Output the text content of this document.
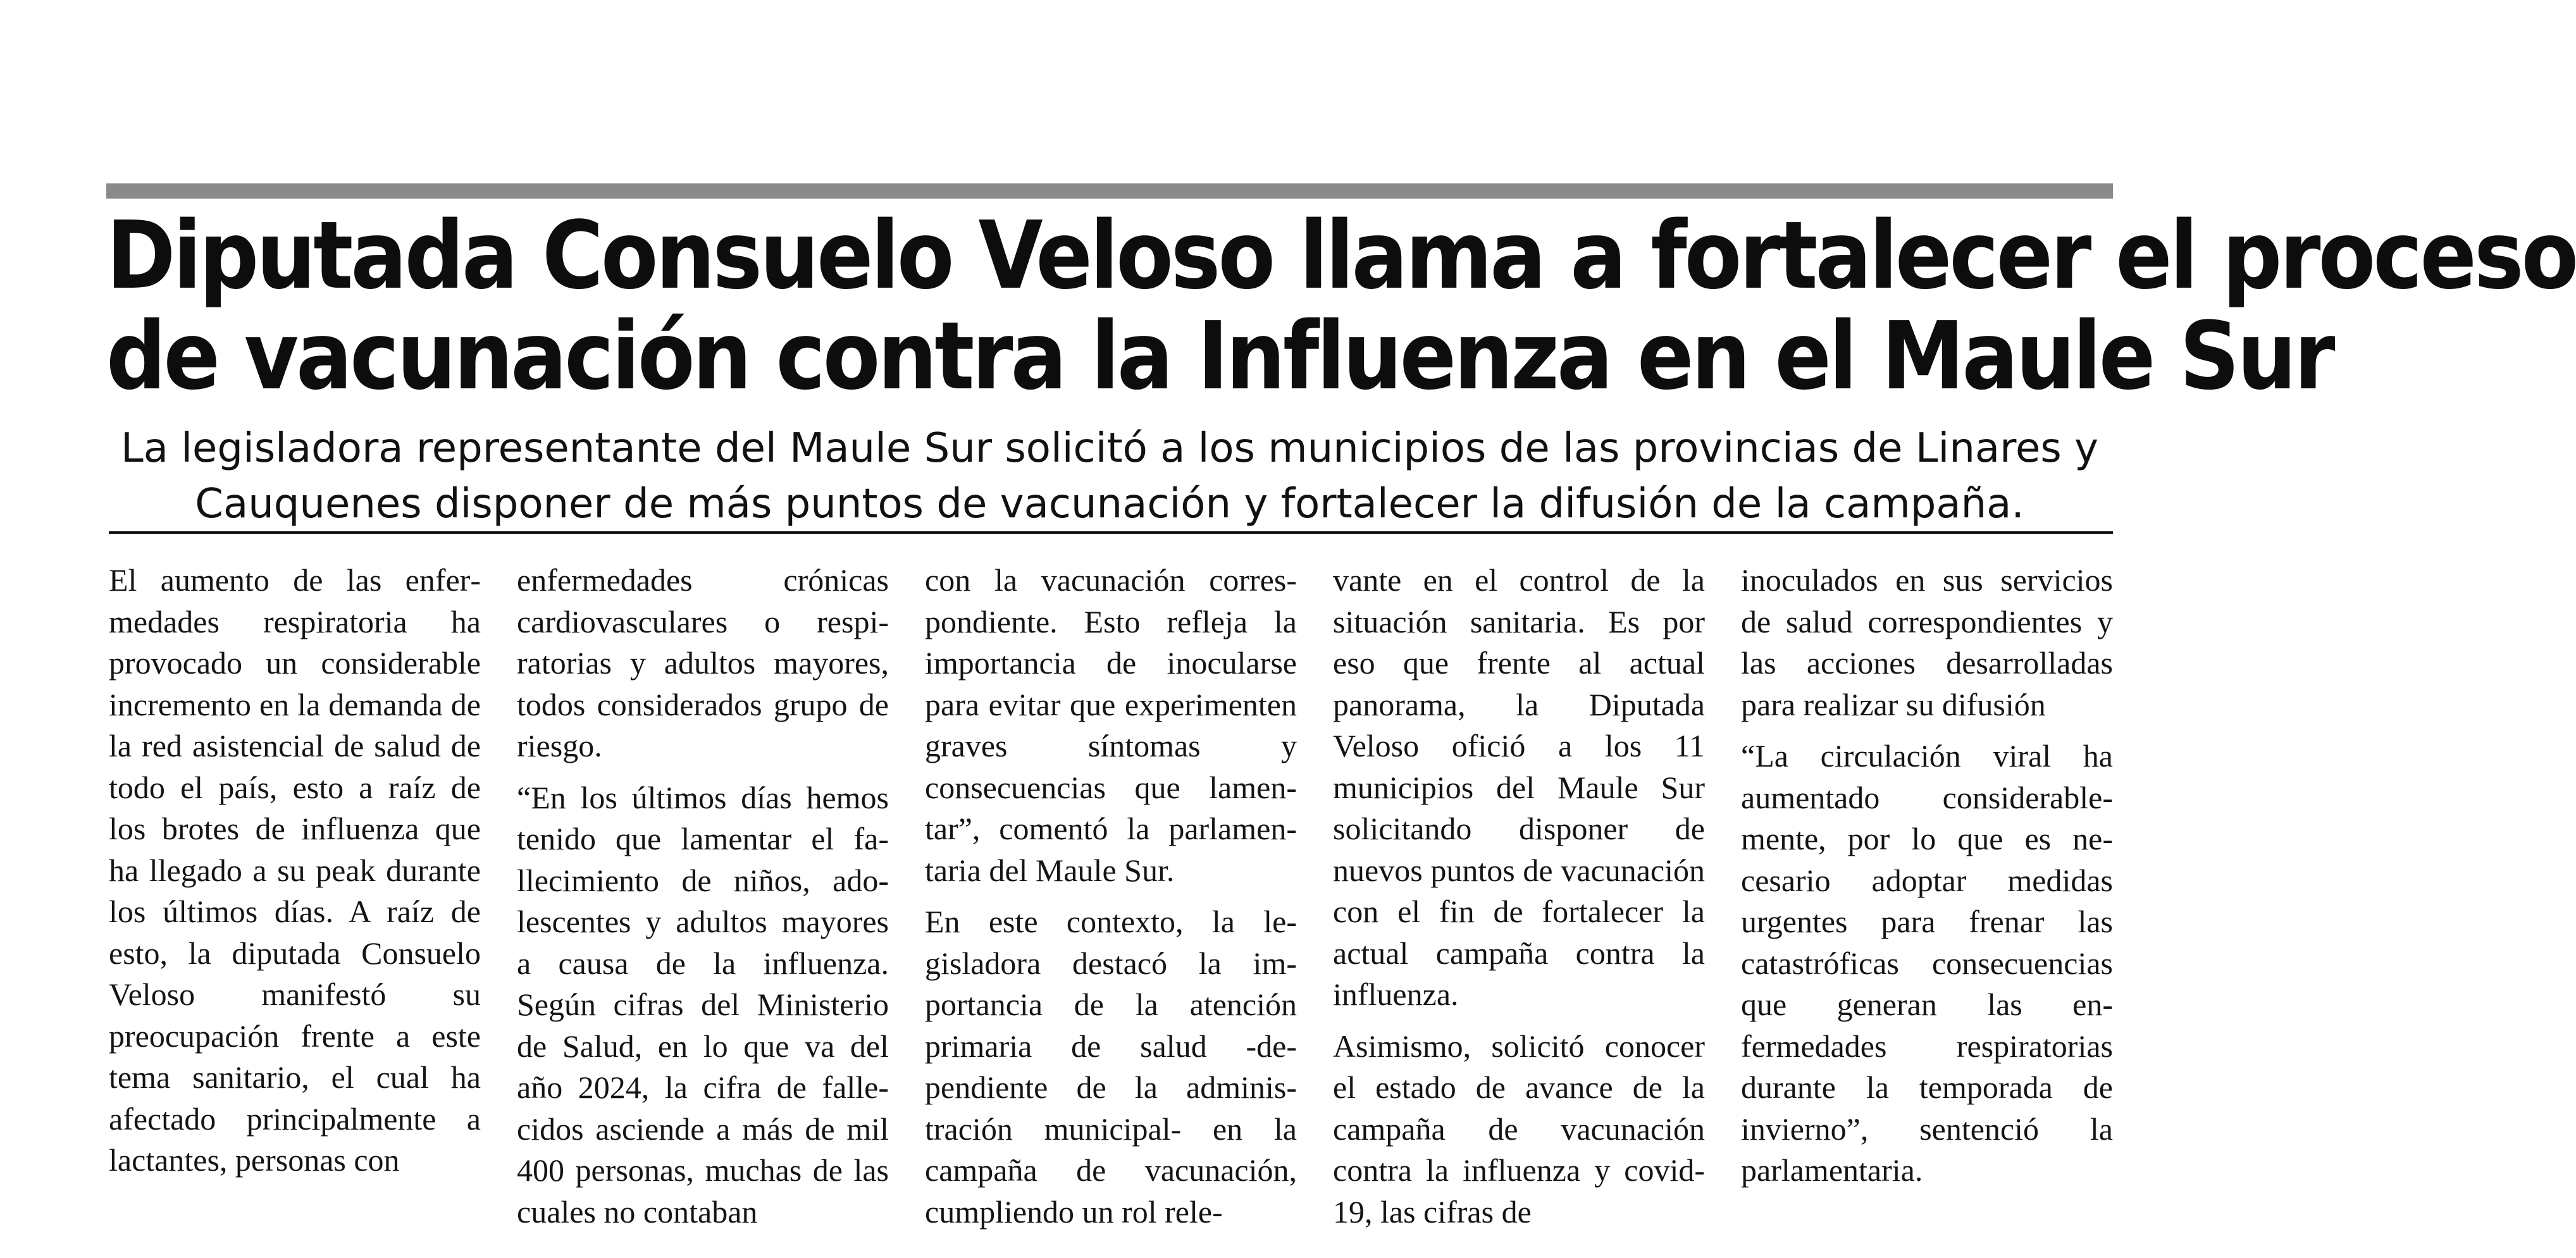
Diputada Consuelo Veloso llama a fortalecer el proceso
de vacunación contra la Influenza en el Maule Sur
La legisladora representante del Maule Sur solicitó a los municipios de las provincias de Linares y
Cauquenes disponer de más puntos de vacunación y fortalecer la difusión de la campaña.

El aumento de las enfermedades respiratoria ha provocado un considerable incremento en la demanda de la red asistencial de salud de todo el país, esto a raíz de los brotes de influenza que ha llegado a su peak durante los últimos días. A raíz de esto, la diputada Consuelo Veloso manifestó su preocupación frente a este tema sanitario, el cual ha afectado principalmente a lactantes, personas con

enfermedades crónicas cardiovasculares o respiratorias y adultos mayores, todos considerados grupo de riesgo.

“En los últimos días hemos tenido que lamentar el fallecimiento de niños, adolescentes y adultos mayores a causa de la influenza. Según cifras del Ministerio de Salud, en lo que va del año 2024, la cifra de fallecidos asciende a más de mil 400 personas, muchas de las cuales no contaban

con la vacunación correspondiente. Esto refleja la importancia de inocularse para evitar que experimenten graves síntomas y consecuencias que lamentar”, comentó la parlamentaria del Maule Sur.

En este contexto, la legisladora destacó la importancia de la atención primaria de salud -dependiente de la administración municipal- en la campaña de vacunación, cumpliendo un rol rele-

vante en el control de la situación sanitaria. Es por eso que frente al actual panorama, la Diputada Veloso ofició a los 11 municipios del Maule Sur solicitando disponer de nuevos puntos de vacunación con el fin de fortalecer la actual campaña contra la influenza.

Asimismo, solicitó conocer el estado de avance de la campaña de vacunación contra la influenza y covid-19, las cifras de

inoculados en sus servicios de salud correspondientes y las acciones desarrolladas para realizar su difusión

“La circulación viral ha aumentado considerablemente, por lo que es necesario adoptar medidas urgentes para frenar las catastróficas consecuencias que generan las enfermedades respiratorias durante la temporada de invierno”, sentenció la parlamentaria.
